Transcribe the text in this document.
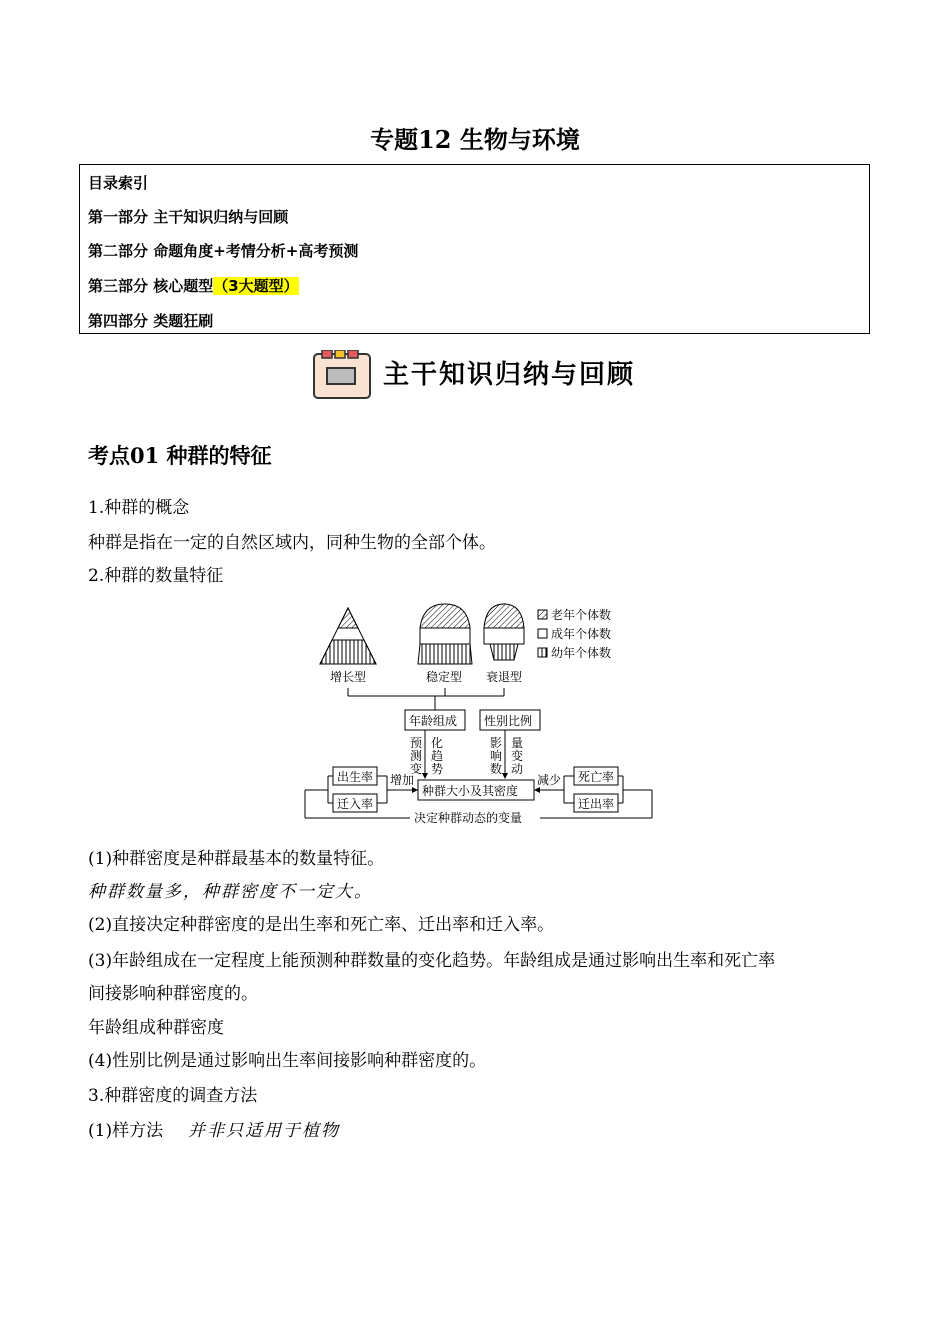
专题12 生物与环境
目录索引
第一部分 主干知识归纳与回顾
第二部分 命题角度+考情分析+高考预测
第三部分 核心题型（3大题型）
第四部分 类题狂刷
主干知识归纳与回顾
考点01 种群的特征
1.种群的概念
种群是指在一定的自然区域内，同种生物的全部个体。
2.种群的数量特征
老年个体数
成年个体数
幼年个体数
增长型	稳定型 衰退型
年龄组成 性别比例
预
测
变
化
趋
势
影
响
数
量
变
动
种群大小及其密度
出生率
迁入率
增加	死亡率
迁出率
减少
决定种群动态的变量
(1)种群密度是种群最基本的数量特征。
种群数量多，种群密度不一定大。
(2)直接决定种群密度的是出生率和死亡率、迁出率和迁入率。
(3)年龄组成在一定程度上能预测种群数量的变化趋势。年龄组成是通过影响出生率和死亡率
间接影响种群密度的。
年龄组成种群密度
(4)性别比例是通过影响出生率间接影响种群密度的。
3.种群密度的调查方法
(1)样方法 并非只适用于植物
